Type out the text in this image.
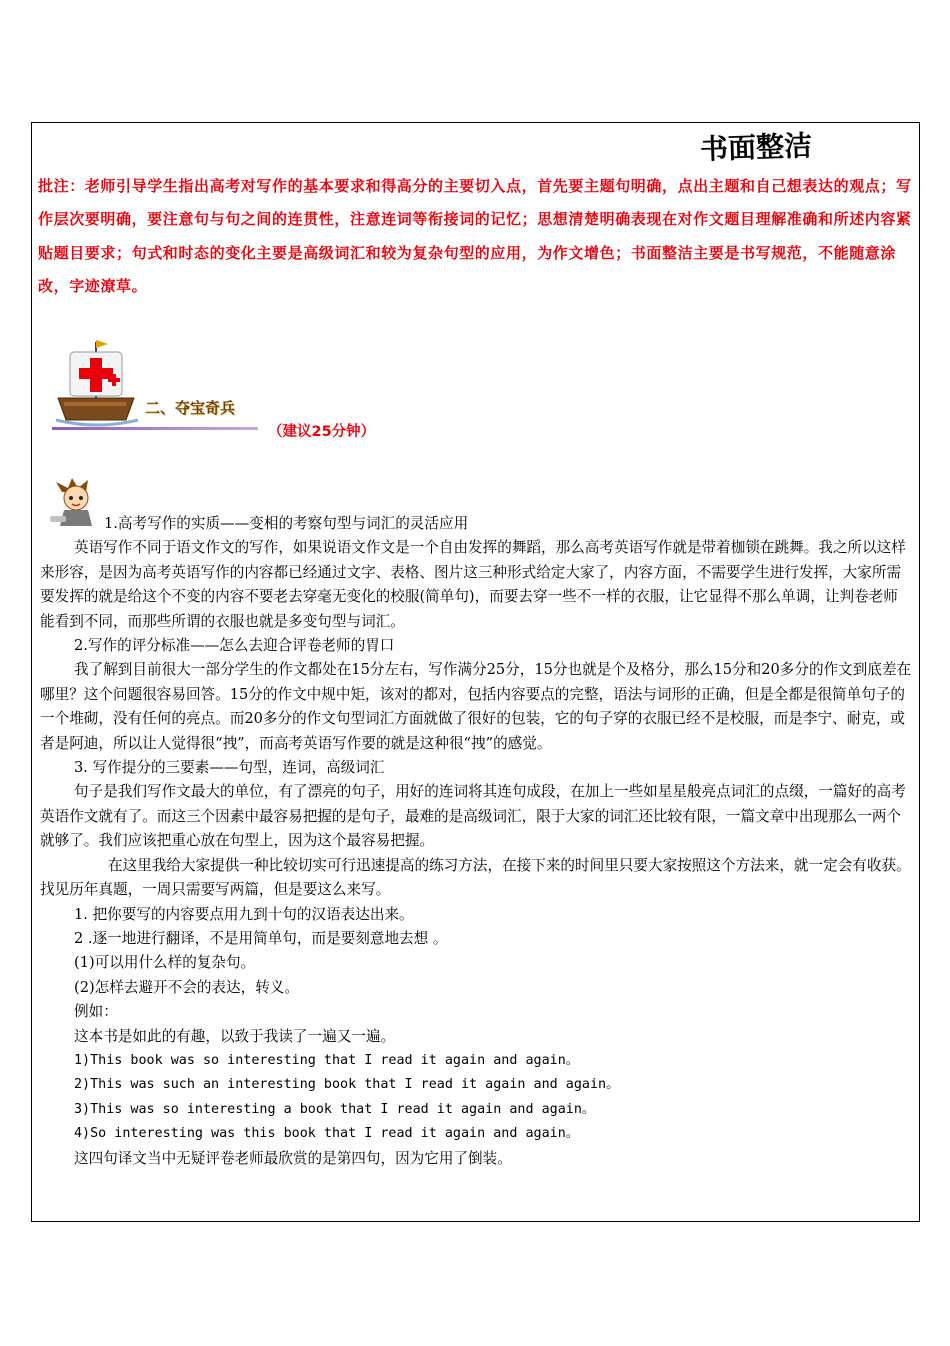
书面整洁
批注：老师引导学生指出高考对写作的基本要求和得高分的主要切入点，首先要主题句明确，点出主题和自己想表达的观点；写作层次要明确，要注意句与句之间的连贯性，注意连词等衔接词的记忆；思想清楚明确表现在对作文题目理解准确和所述内容紧贴题目要求；句式和时态的变化主要是高级词汇和较为复杂句型的应用，为作文增色；书面整洁主要是书写规范，不能随意涂改，字迹潦草。
二、夺宝奇兵
（建议25分钟）

1.高考写作的实质——变相的考察句型与词汇的灵活应用

英语写作不同于语文作文的写作，如果说语文作文是一个自由发挥的舞蹈，那么高考英语写作就是带着枷锁在跳舞。我之所以这样来形容，是因为高考英语写作的内容都已经通过文字、表格、图片这三种形式给定大家了，内容方面，不需要学生进行发挥，大家所需要发挥的就是给这个不变的内容不要老去穿毫无变化的校服(简单句)，而要去穿一些不一样的衣服，让它显得不那么单调，让判卷老师能看到不同，而那些所谓的衣服也就是多变句型与词汇。

2.写作的评分标准——怎么去迎合评卷老师的胃口

我了解到目前很大一部分学生的作文都处在15分左右，写作满分25分，15分也就是个及格分，那么15分和20多分的作文到底差在哪里？这个问题很容易回答。15分的作文中规中矩，该对的都对，包括内容要点的完整，语法与词形的正确，但是全都是很简单句子的一个堆砌，没有任何的亮点。而20多分的作文句型词汇方面就做了很好的包装，它的句子穿的衣服已经不是校服，而是李宁、耐克，或者是阿迪，所以让人觉得很“拽”，而高考英语写作要的就是这种很“拽”的感觉。

3. 写作提分的三要素——句型，连词，高级词汇

句子是我们写作文最大的单位，有了漂亮的句子，用好的连词将其连句成段，在加上一些如星星般亮点词汇的点缀，一篇好的高考英语作文就有了。而这三个因素中最容易把握的是句子，最难的是高级词汇，限于大家的词汇还比较有限，一篇文章中出现那么一两个就够了。我们应该把重心放在句型上，因为这个最容易把握。

在这里我给大家提供一种比较切实可行迅速提高的练习方法，在接下来的时间里只要大家按照这个方法来，就一定会有收获。找见历年真题，一周只需要写两篇，但是要这么来写。

1. 把你要写的内容要点用九到十句的汉语表达出来。

2 .逐一地进行翻译，不是用简单句，而是要刻意地去想 。

(1)可以用什么样的复杂句。

(2)怎样去避开不会的表达，转义。

例如：

这本书是如此的有趣，以致于我读了一遍又一遍。

1)This book was so interesting that I read it again and again。

2)This was such an interesting book that I read it again and again。

3)This was so interesting a book that I read it again and again。

4)So interesting was this book that I read it again and again。

这四句译文当中无疑评卷老师最欣赏的是第四句，因为它用了倒装。
